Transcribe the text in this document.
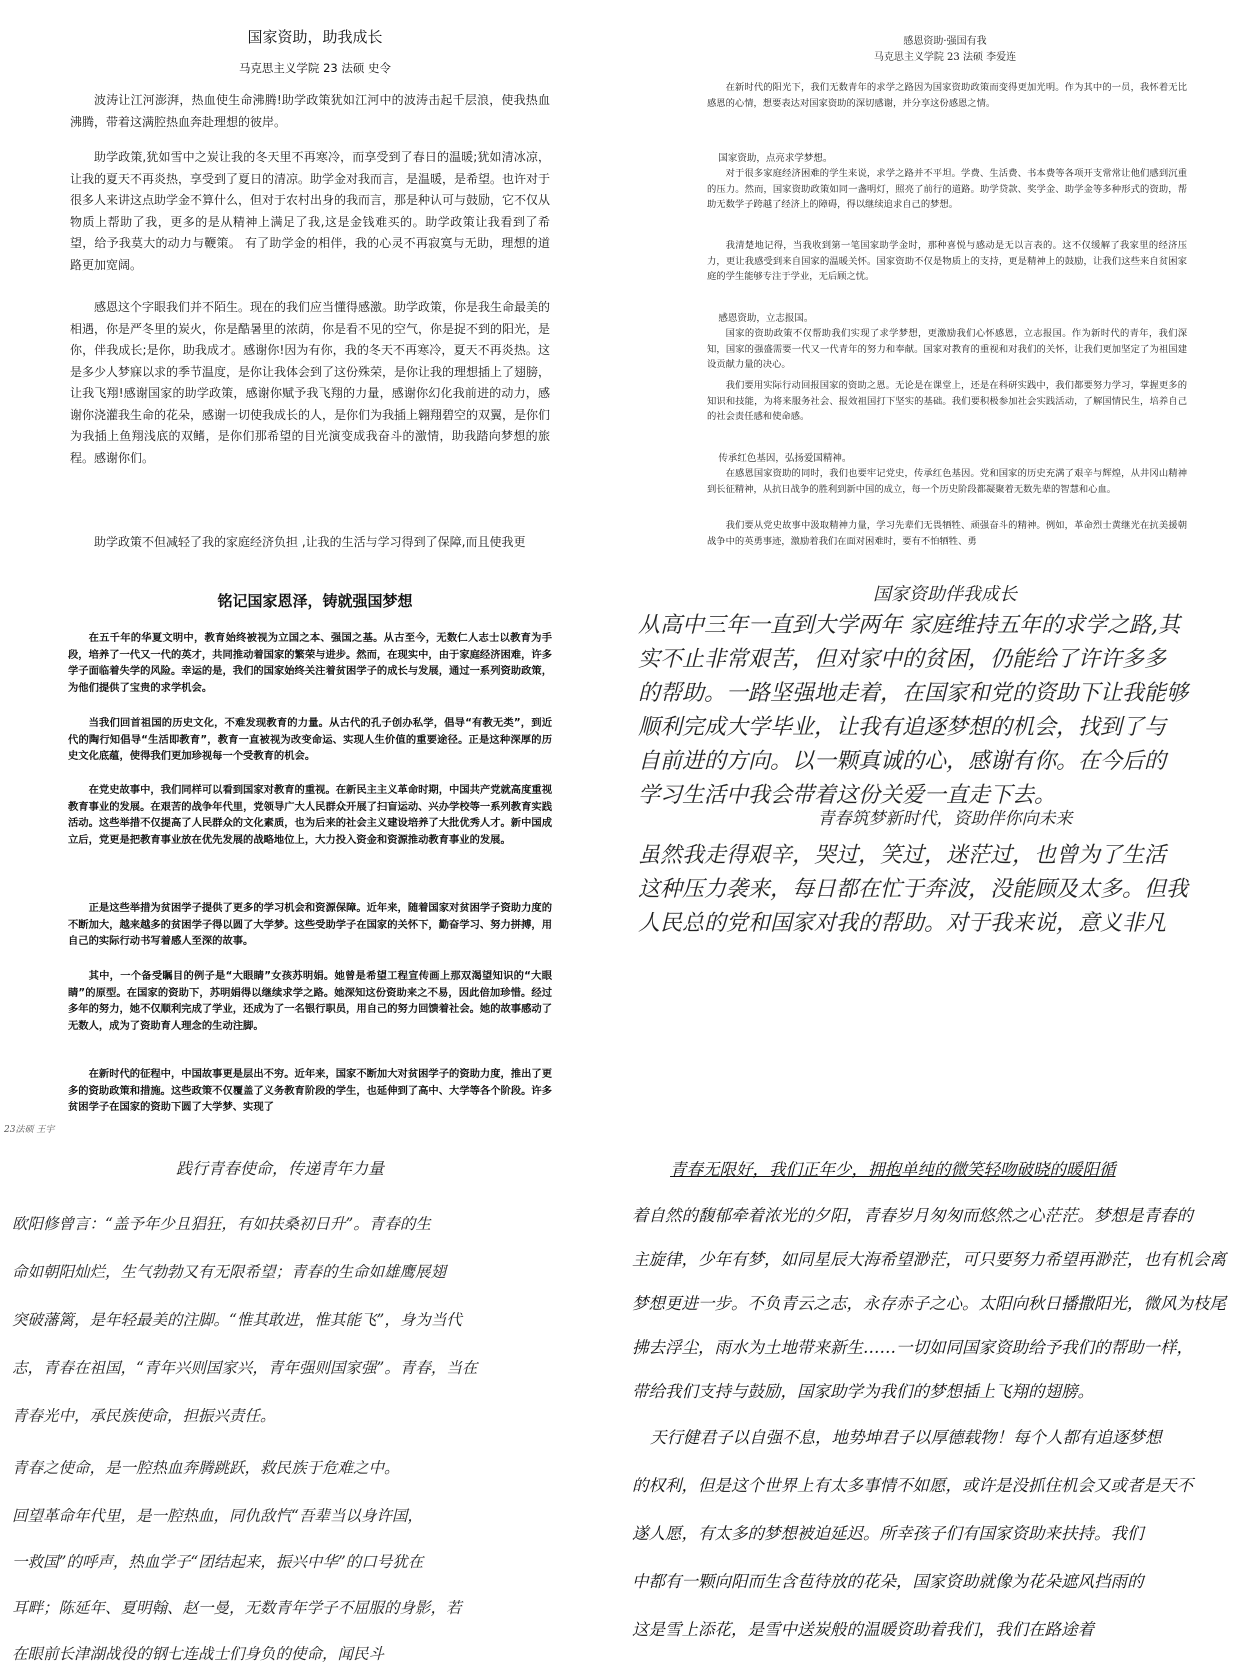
国家资助，助我成长
马克思主义学院 23 法硕 史令

波涛让江河澎湃，热血使生命沸腾!助学政策犹如江河中的波涛击起千层浪，使我热血沸腾，带着这满腔热血奔赴理想的彼岸。

助学政策,犹如雪中之炭让我的冬天里不再寒冷，而享受到了春日的温暖;犹如清冰凉，让我的夏天不再炎热，享受到了夏日的清凉。助学金对我而言，是温暖，是希望。也许对于很多人来讲这点助学金不算什么，但对于农村出身的我而言，那是种认可与鼓励，它不仅从物质上帮助了我，更多的是从精神上满足了我,这是金钱难买的。助学政策让我看到了希望，给予我莫大的动力与鞭策。 有了助学金的相伴，我的心灵不再寂寞与无助，理想的道路更加宽阔。

感恩这个字眼我们并不陌生。现在的我们应当懂得感激。助学政策，你是我生命最美的相遇，你是严冬里的炭火，你是酷暑里的浓荫，你是看不见的空气，你是捉不到的阳光，是你，伴我成长;是你，助我成才。感谢你!因为有你，我的冬天不再寒冷，夏天不再炎热。这是多少人梦寐以求的季节温度，是你让我体会到了这份殊荣，是你让我的理想插上了翅膀，让我飞翔!感谢国家的助学政策，感谢你赋予我飞翔的力量，感谢你幻化我前进的动力，感谢你浇灌我生命的花朵，感谢一切使我成长的人，是你们为我插上翱翔碧空的双翼，是你们为我插上鱼翔浅底的双鳍，是你们那希望的目光演变成我奋斗的激情，助我踏向梦想的旅程。感谢你们。

助学政策不但减轻了我的家庭经济负担 ,让我的生活与学习得到了保障,而且使我更

感恩资助·强国有我
马克思主义学院 23 法硕 李爱连

在新时代的阳光下，我们无数青年的求学之路因为国家资助政策而变得更加光明。作为其中的一员，我怀着无比感恩的心情，想要表达对国家资助的深切感谢，并分享这份感恩之情。

国家资助，点亮求学梦想。

对于很多家庭经济困难的学生来说，求学之路并不平坦。学费、生活费、书本费等各项开支常常让他们感到沉重的压力。然而，国家资助政策如同一盏明灯，照亮了前行的道路。助学贷款、奖学金、助学金等多种形式的资助，帮助无数学子跨越了经济上的障碍，得以继续追求自己的梦想。

我清楚地记得，当我收到第一笔国家助学金时，那种喜悦与感动是无以言表的。这不仅缓解了我家里的经济压力，更让我感受到来自国家的温暖关怀。国家资助不仅是物质上的支持，更是精神上的鼓励，让我们这些来自贫困家庭的学生能够专注于学业，无后顾之忧。

感恩资助，立志报国。

国家的资助政策不仅帮助我们实现了求学梦想，更激励我们心怀感恩，立志报国。作为新时代的青年，我们深知，国家的强盛需要一代又一代青年的努力和奉献。国家对教育的重视和对我们的关怀，让我们更加坚定了为祖国建设贡献力量的决心。

我们要用实际行动回报国家的资助之恩。无论是在课堂上，还是在科研实践中，我们都要努力学习，掌握更多的知识和技能，为将来服务社会、报效祖国打下坚实的基础。我们要积极参加社会实践活动，了解国情民生，培养自己的社会责任感和使命感。

传承红色基因，弘扬爱国精神。

在感恩国家资助的同时，我们也要牢记党史，传承红色基因。党和国家的历史充满了艰辛与辉煌，从井冈山精神到长征精神，从抗日战争的胜利到新中国的成立，每一个历史阶段都凝聚着无数先辈的智慧和心血。

我们要从党史故事中汲取精神力量，学习先辈们无畏牺牲、顽强奋斗的精神。例如，革命烈士黄继光在抗美援朝战争中的英勇事迹，激励着我们在面对困难时，要有不怕牺牲、勇

铭记国家恩泽，铸就强国梦想

在五千年的华夏文明中，教育始终被视为立国之本、强国之基。从古至今，无数仁人志士以教育为手段，培养了一代又一代的英才，共同推动着国家的繁荣与进步。然而，在现实中，由于家庭经济困难，许多学子面临着失学的风险。幸运的是，我们的国家始终关注着贫困学子的成长与发展，通过一系列资助政策，为他们提供了宝贵的求学机会。

当我们回首祖国的历史文化，不难发现教育的力量。从古代的孔子创办私学，倡导“有教无类”，到近代的陶行知倡导“生活即教育”，教育一直被视为改变命运、实现人生价值的重要途径。正是这种深厚的历史文化底蕴，使得我们更加珍视每一个受教育的机会。

在党史故事中，我们同样可以看到国家对教育的重视。在新民主主义革命时期，中国共产党就高度重视教育事业的发展。在艰苦的战争年代里，党领导广大人民群众开展了扫盲运动、兴办学校等一系列教育实践活动。这些举措不仅提高了人民群众的文化素质，也为后来的社会主义建设培养了大批优秀人才。新中国成立后，党更是把教育事业放在优先发展的战略地位上，大力投入资金和资源推动教育事业的发展。

正是这些举措为贫困学子提供了更多的学习机会和资源保障。近年来，随着国家对贫困学子资助力度的不断加大，越来越多的贫困学子得以圆了大学梦。这些受助学子在国家的关怀下，勤奋学习、努力拼搏，用自己的实际行动书写着感人至深的故事。

其中，一个备受瞩目的例子是“大眼睛”女孩苏明娟。她曾是希望工程宣传画上那双渴望知识的“大眼睛”的原型。在国家的资助下，苏明娟得以继续求学之路。她深知这份资助来之不易，因此倍加珍惜。经过多年的努力，她不仅顺利完成了学业，还成为了一名银行职员，用自己的努力回馈着社会。她的故事感动了无数人，成为了资助育人理念的生动注脚。

在新时代的征程中，中国故事更是层出不穷。近年来，国家不断加大对贫困学子的资助力度，推出了更多的资助政策和措施。这些政策不仅覆盖了义务教育阶段的学生，也延伸到了高中、大学等各个阶段。许多贫困学子在国家的资助下圆了大学梦、实现了

国家资助伴我成长

从高中三年一直到大学两年 家庭维持五年的求学之路,其

实不止非常艰苦，但对家中的贫困，仍能给了许许多多

的帮助。一路坚强地走着，在国家和党的资助下让我能够

顺利完成大学毕业，让我有追逐梦想的机会，找到了与

自前进的方向。以一颗真诚的心，感谢有你。在今后的

学习生活中我会带着这份关爱一直走下去。

虽然我走得艰辛，哭过，笑过，迷茫过，也曾为了生活

这种压力袭来，每日都在忙于奔波，没能顾及太多。但我

人民总的党和国家对我的帮助。对于我来说，意义非凡

青春筑梦新时代，资助伴你向未来
23法硕 王宇
践行青春使命，传递青年力量

欧阳修曾言：“盖予年少且猖狂，有如扶桑初日升”。青春的生

命如朝阳灿烂，生气勃勃又有无限希望；青春的生命如雄鹰展翅

突破藩篱，是年轻最美的注脚。“惟其敢进，惟其能飞”，身为当代

志，青春在祖国，“青年兴则国家兴，青年强则国家强”。青春，当在

青春光中，承民族使命，担振兴责任。

青春之使命，是一腔热血奔腾跳跃，救民族于危难之中。

回望革命年代里，是一腔热血，同仇敌忾“吾辈当以身许国，

一救国”的呼声，热血学子“团结起来，振兴中华”的口号犹在

耳畔；陈延年、夏明翰、赵一曼，无数青年学子不屈服的身影，若

在眼前长津湖战役的钢七连战士们身负的使命，闻民斗

青春无限好，我们正年少，拥抱单纯的微笑轻吻破晓的暖阳循

着自然的馥郁牵着浓光的夕阳，青春岁月匆匆而悠然之心茫茫。梦想是青春的

主旋律，少年有梦，如同星辰大海希望渺茫，可只要努力希望再渺茫，也有机会离

梦想更进一步。不负青云之志，永存赤子之心。太阳向秋日播撒阳光，微风为枝尾

拂去浮尘，雨水为土地带来新生……一切如同国家资助给予我们的帮助一样，

带给我们支持与鼓励，国家助学为我们的梦想插上飞翔的翅膀。

天行健君子以自强不息，地势坤君子以厚德载物！每个人都有追逐梦想

的权利，但是这个世界上有太多事情不如愿，或许是没抓住机会又或者是天不

遂人愿，有太多的梦想被迫延迟。所幸孩子们有国家资助来扶持。我们

中都有一颗向阳而生含苞待放的花朵，国家资助就像为花朵遮风挡雨的

这是雪上添花，是雪中送炭般的温暖资助着我们，我们在路途着
